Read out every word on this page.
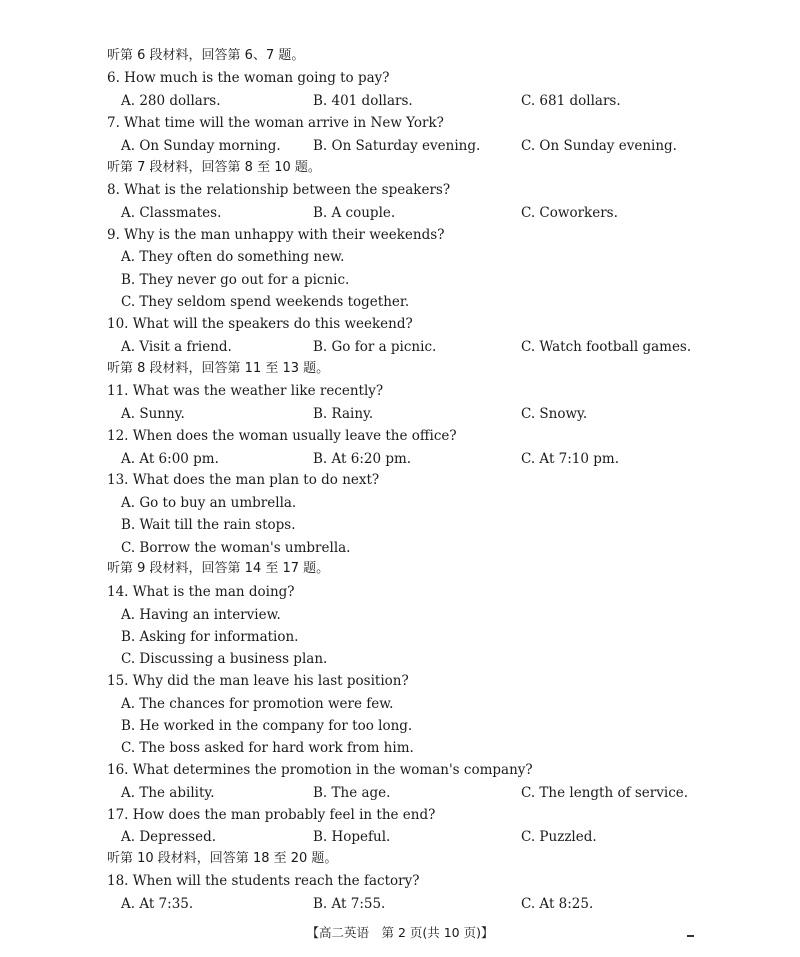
听第 6 段材料，回答第 6、7 题。
6. How much is the woman going to pay?
A. 280 dollars.	B. 401 dollars.	C. 681 dollars.
7. What time will the woman arrive in New York?
A. On Sunday morning. B. On Saturday evening.	C. On Sunday evening.
听第 7 段材料，回答第 8 至 10 题。
8. What is the relationship between the speakers?
A. Classmates.	B. A couple.	C. Coworkers.
9. Why is the man unhappy with their weekends?
A. They often do something new.
B. They never go out for a picnic.
C. They seldom spend weekends together.
10. What will the speakers do this weekend?
A. Visit a friend.	B. Go for a picnic.	C. Watch football games.
听第 8 段材料，回答第 11 至 13 题。
11. What was the weather like recently?
A. Sunny.	B. Rainy.	C. Snowy.
12. When does the woman usually leave the office?
A. At 6:00 pm.	B. At 6:20 pm.	C. At 7:10 pm.
13. What does the man plan to do next?
A. Go to buy an umbrella.
B. Wait till the rain stops.
C. Borrow the woman's umbrella.
听第 9 段材料，回答第 14 至 17 题。
14. What is the man doing?
A. Having an interview.
B. Asking for information.
C. Discussing a business plan.
15. Why did the man leave his last position?
A. The chances for promotion were few.
B. He worked in the company for too long.
C. The boss asked for hard work from him.
16. What determines the promotion in the woman's company?
A. The ability.	B. The age.	C. The length of service.
17. How does the man probably feel in the end?
A. Depressed.	B. Hopeful.	C. Puzzled.
听第 10 段材料，回答第 18 至 20 题。
18. When will the students reach the factory?
A. At 7:35.	B. At 7:55.	C. At 8:25.
【高二英语　第 2 页(共 10 页)】
